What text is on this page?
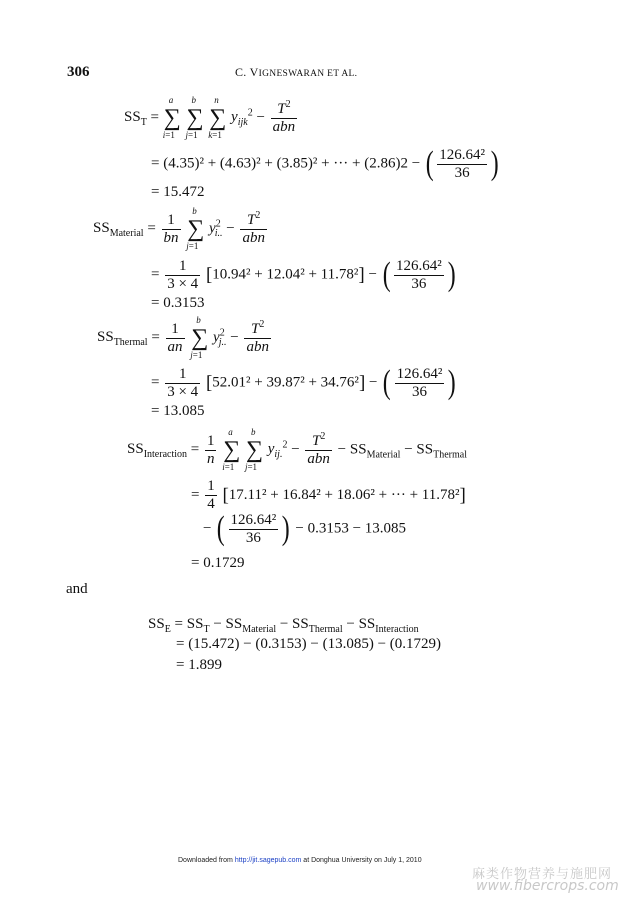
306	C. VIGNESWARAN ET AL.
$SS_T$ = ∑
a
i=1

∑
b
j=1

∑
n
k=1
$y_{ijk}^2 - \frac{T^2}{\text{abn}}$
= (4.35)² + (4.63)² + (3.85)² + ··· + (2.86)2 − ( $\frac{\text{126.64²}}{36}$ )
= 15.472
$SS_{Material} = \frac{1}{bn}$
∑
b
j=1
$y^2_{i..} - \frac{T^2}{\text{abn}}$
= $\frac{1}{3 \times 4} [10.94^2 + 12.04^2 + 11.78^2]$ − ( $\frac{\text{126.64²}}{36}$ )
= 0.3153
$SS_{Thermal} = \frac{1}{an}$
∑
b
j=1
$y^2_{j..} - \frac{T^2}{\text{abn}}$
= $\frac{1}{3 \times 4} [52.01^2 + 39.87^2 + 34.76^2]$ − ( $\frac{\text{126.64²}}{36}$ )
= 13.085
$SS_{Interaction} = \frac{1}{n}$
∑
a
i=1

∑
b
j=1
$y_{ij.}^2 - \frac{T^2}{\text{abn}} - SS_{Material} - SS_{Thermal}$
= $\frac{1}{4} [17.11^2 + 16.84^2 + 18.06^2$ + ··· + 11.78²]
− ( $\frac{\text{126.64²}}{36}$ ) − 0.3153 − 13.085
= 0.1729
and
$SS_E = SS_T - SS_{Material} - SS_{Thermal} - SS_{Interaction}$
= (15.472) − (0.3153) − (13.085) − (0.1729)
= 1.899
Downloaded from http://jit.sagepub.com at Donghua University on July 1, 2010
麻类作物营养与施肥网
www.fibercrops.com
